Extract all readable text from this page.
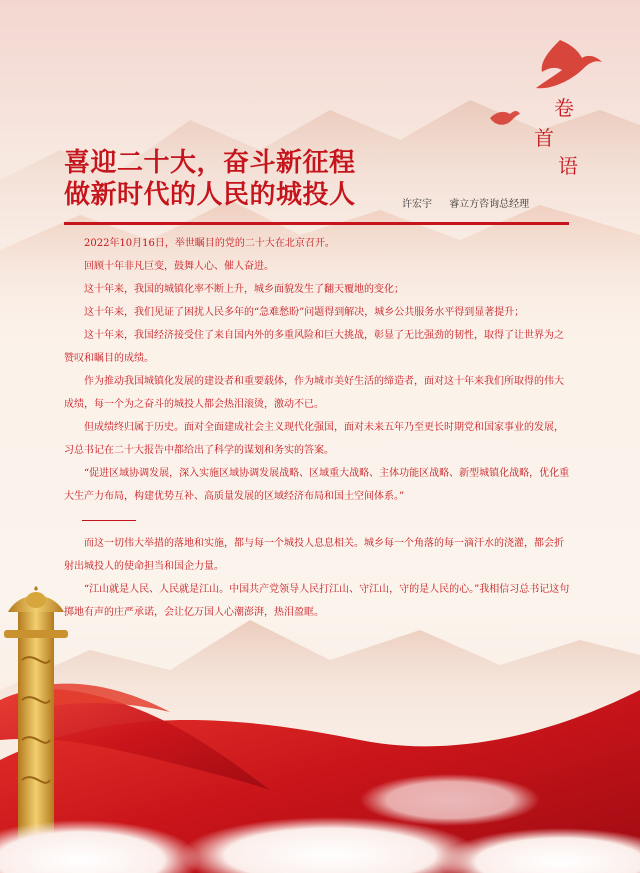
卷
首
语
喜迎二十大，奋斗新征程
做新时代的人民的城投人	许宏宇 睿立方咨询总经理

2022年10月16日，举世瞩目的党的二十大在北京召开。

回顾十年非凡巨变，鼓舞人心、催人奋进。

这十年来，我国的城镇化率不断上升，城乡面貌发生了翻天覆地的变化；

这十年来，我们见证了困扰人民多年的“急难愁盼”问题得到解决，城乡公共服务水平得到显著提升；

这十年来，我国经济接受住了来自国内外的多重风险和巨大挑战，彰显了无比强劲的韧性，取得了让世界为之赞叹和瞩目的成绩。

作为推动我国城镇化发展的建设者和重要载体，作为城市美好生活的缔造者，面对这十年来我们所取得的伟大成绩，每一个为之奋斗的城投人都会热泪滚烫，激动不已。

但成绩终归属于历史。面对全面建成社会主义现代化强国，面对未来五年乃至更长时期党和国家事业的发展，习总书记在二十大报告中都给出了科学的谋划和务实的答案。

“促进区域协调发展，深入实施区域协调发展战略、区域重大战略、主体功能区战略、新型城镇化战略，优化重大生产力布局，构建优势互补、高质量发展的区域经济布局和国土空间体系。”

而这一切伟大举措的落地和实施，都与每一个城投人息息相关。城乡每一个角落的每一滴汗水的浇灌，都会折射出城投人的使命担当和国企力量。

“江山就是人民、人民就是江山。中国共产党领导人民打江山、守江山，守的是人民的心。”我相信习总书记这句掷地有声的庄严承诺，会让亿万国人心潮澎湃，热泪盈眶。
